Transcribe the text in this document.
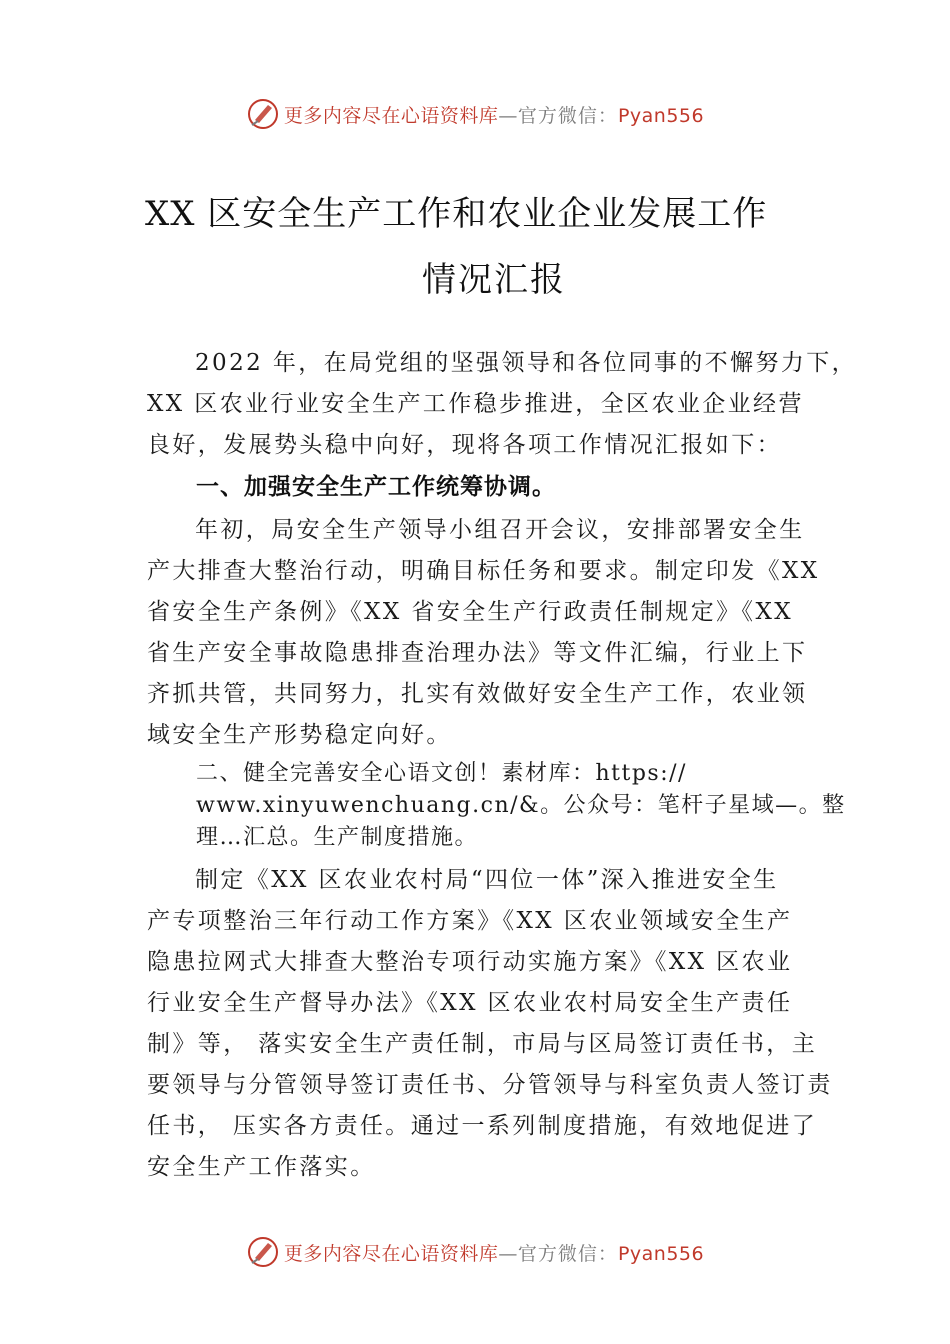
更多内容尽在心语资料库—官方微信：Pyan556
XX 区安全生产工作和农业企业发展工作
情况汇报
2022 年，在局党组的坚强领导和各位同事的不懈努力下，
XX 区农业行业安全生产工作稳步推进，全区农业企业经营
良好，发展势头稳中向好，现将各项工作情况汇报如下：
一、加强安全生产工作统筹协调。
年初，局安全生产领导小组召开会议，安排部署安全生
产大排查大整治行动，明确目标任务和要求。制定印发《XX
省安全生产条例》《XX 省安全生产行政责任制规定》《XX
省生产安全事故隐患排查治理办法》等文件汇编，行业上下
齐抓共管，共同努力，扎实有效做好安全生产工作，农业领
域安全生产形势稳定向好。
二、健全完善安全心语文创！素材库：https://
www.xinyuwenchuang.cn/&。公众号：笔杆子星域—。整
理…汇总。生产制度措施。
制定《XX 区农业农村局“四位一体”深入推进安全生
产专项整治三年行动工作方案》《XX 区农业领域安全生产
隐患拉网式大排查大整治专项行动实施方案》《XX 区农业
行业安全生产督导办法》《XX 区农业农村局安全生产责任
制》等， 落实安全生产责任制，市局与区局签订责任书，主
要领导与分管领导签订责任书、分管领导与科室负责人签订责
任书， 压实各方责任。通过一系列制度措施，有效地促进了
安全生产工作落实。
更多内容尽在心语资料库—官方微信：Pyan556
